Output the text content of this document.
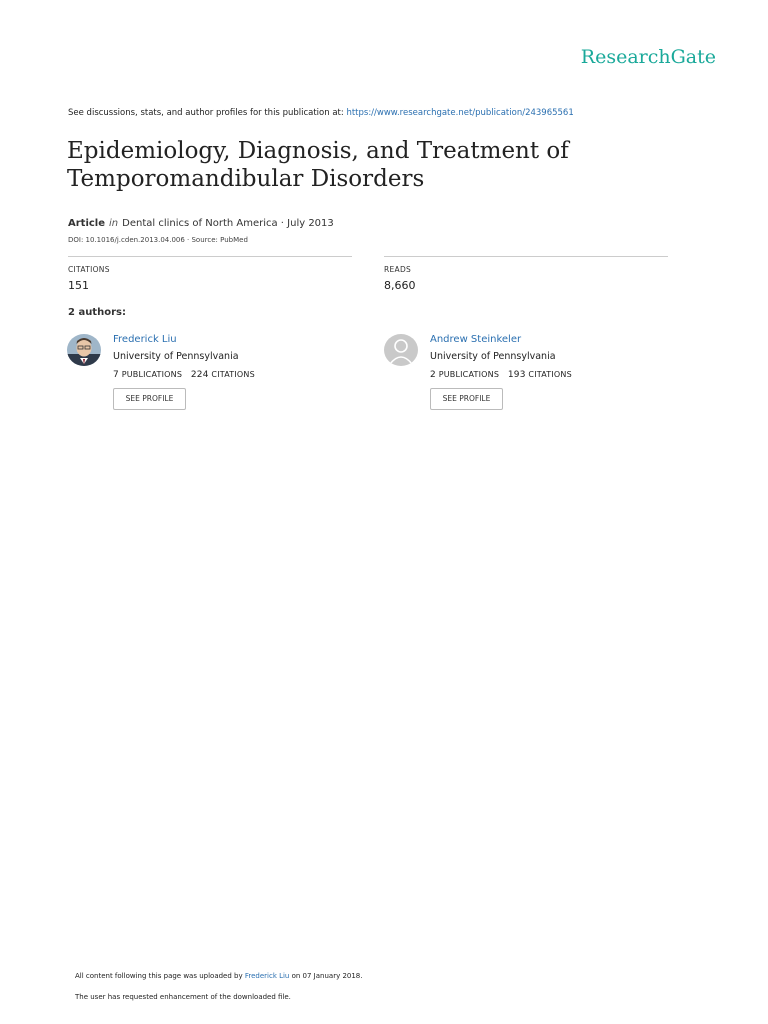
ResearchGate
See discussions, stats, and author profiles for this publication at: https://www.researchgate.net/publication/243965561
Epidemiology, Diagnosis, and Treatment of Temporomandibular Disorders
Article in Dental clinics of North America · July 2013
DOI: 10.1016/j.cden.2013.04.006 · Source: PubMed
CITATIONS
151
READS
8,660
2 authors:
Frederick Liu
University of Pennsylvania
7 PUBLICATIONS 224 CITATIONS
SEE PROFILE
Andrew Steinkeler
University of Pennsylvania
2 PUBLICATIONS 193 CITATIONS
SEE PROFILE
All content following this page was uploaded by Frederick Liu on 07 January 2018.
The user has requested enhancement of the downloaded file.
